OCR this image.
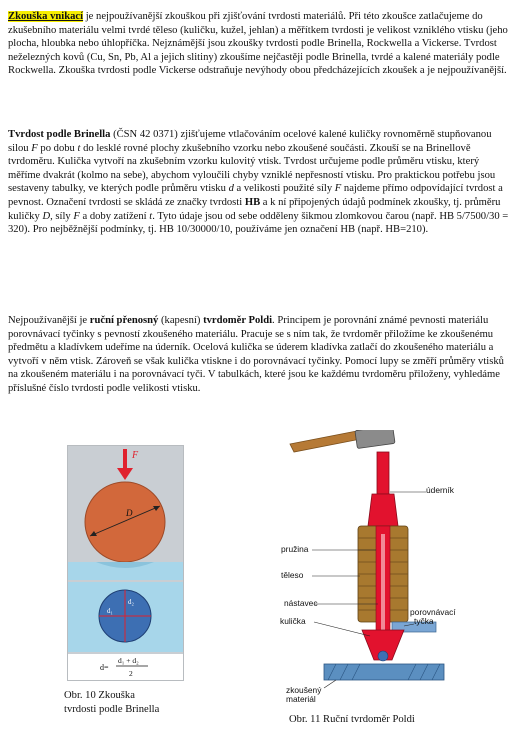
Zkouška vnikací je nejpoužívanější zkouškou při zjišťování tvrdosti materiálů. Při této zkoušce zatlačujeme do zkušebního materiálu velmi tvrdé těleso (kuličku, kužel, jehlan) a měřítkem tvrdosti je velikost vzniklého vtisku (jeho plocha, hloubka nebo úhlopříčka. Nejznámější jsou zkoušky tvrdosti podle Brinella, Rockwella a Vickerse. Tvrdost neželezných kovů (Cu, Sn, Pb, Al a jejich slitiny) zkoušíme nejčastěji podle Brinella, tvrdé a kalené materiály podle Rockwella. Zkouška tvrdosti podle Vickerse odstraňuje nevýhody obou předcházejících zkoušek a je nejpoužívanější.

Tvrdost podle Brinella (ČSN 42 0371) zjišťujeme vtlačováním ocelové kalené kuličky rovnoměrně stupňovanou silou F po dobu t do lesklé rovné plochy zkušebního vzorku nebo zkoušené součásti. Zkouší se na Brinellově tvrdoměru. Kulička vytvoří na zkušebním vzorku kulovitý vtisk. Tvrdost určujeme podle průměru vtisku, který měříme dvakrát (kolmo na sebe), abychom vyloučili chyby vzniklé nepřesností vtisku. Pro praktickou potřebu jsou sestaveny tabulky, ve kterých podle průměru vtisku d a velikosti použité síly F najdeme přímo odpovídající tvrdost a pevnost. Označení tvrdosti se skládá ze značky tvrdosti HB a k ní připojených údajů podmínek zkoušky, tj. průměru kuličky D, síly F a doby zatížení t. Tyto údaje jsou od sebe odděleny šikmou zlomkovou čarou (např. HB 5/7500/30 = 320). Pro nejběžnější podmínky, tj. HB 10/30000/10, používáme jen označení HB (např. HB=210).

Nejpoužívanější je ruční přenosný (kapesní) tvrdoměr Poldi. Principem je porovnání známé pevnosti materiálu porovnávací tyčinky s pevností zkoušeného materiálu. Pracuje se s ním tak, že tvrdoměr přiložíme ke zkoušenému předmětu a kladívkem udeříme na úderník. Ocelová kulička se úderem kladívka zatlačí do zkoušeného materiálu a vytvoří v něm vtisk. Zároveň se však kulička vtiskne i do porovnávací tyčinky. Pomocí lupy se změří průměry vtisků na zkoušeném materiálu i na porovnávací tyči. V tabulkách, které jsou ke každému tvrdoměru přiloženy, vyhledáme příslušné číslo tvrdosti podle velikosti vtisku.

F
D
d₁
d₂
d=
d₁ + d₂
2
Obr. 10 Zkouška
tvrdosti podle Brinella
úderník
pružina
těleso
nástavec
kulička
porovnávací
tyčka
zkoušený
materiál
Obr. 11 Ruční tvrdoměr Poldi
